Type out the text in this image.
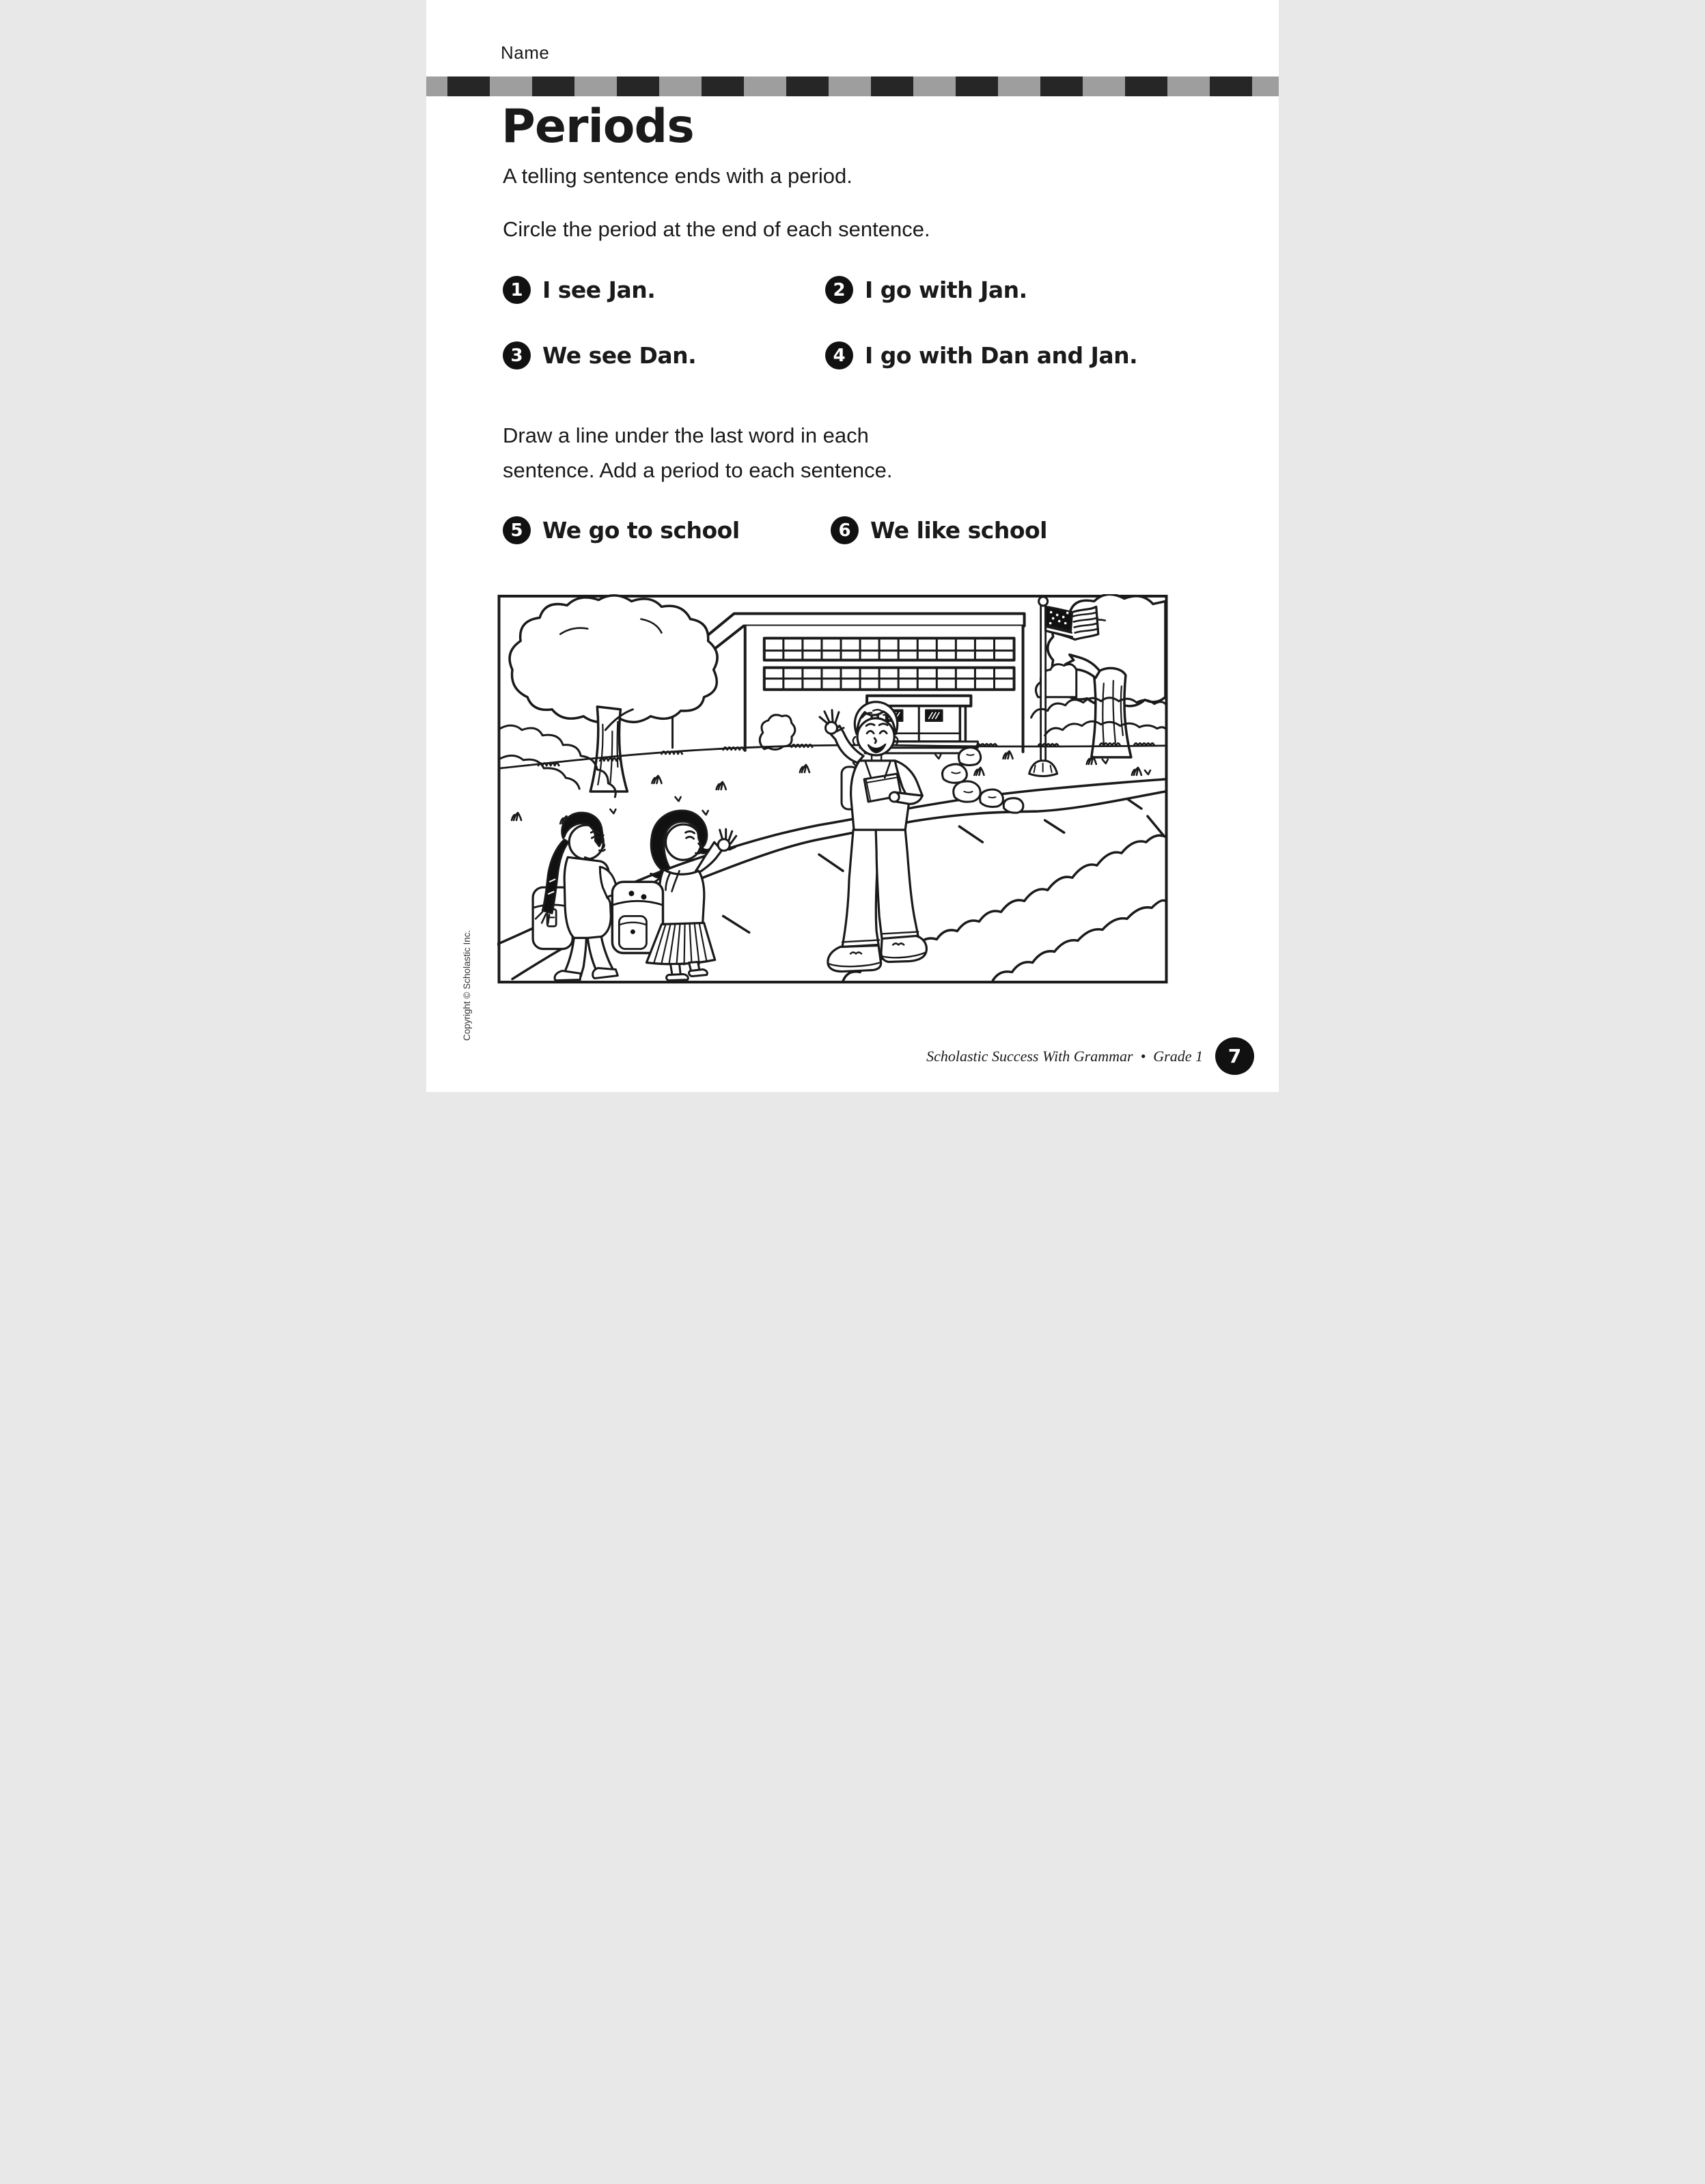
Name
Periods

A telling sentence ends with a period.

Circle the period at the end of each sentence.

1 I see Jan.	2 I go with Jan.
3 We see Dan.	4 I go with Dan and Jan.

Draw a line under the last word in each
sentence. Add a period to each sentence.

5 We go to school	6 We like school
Copyright © Scholastic Inc.
Scholastic Success With Grammar • Grade 1	7
